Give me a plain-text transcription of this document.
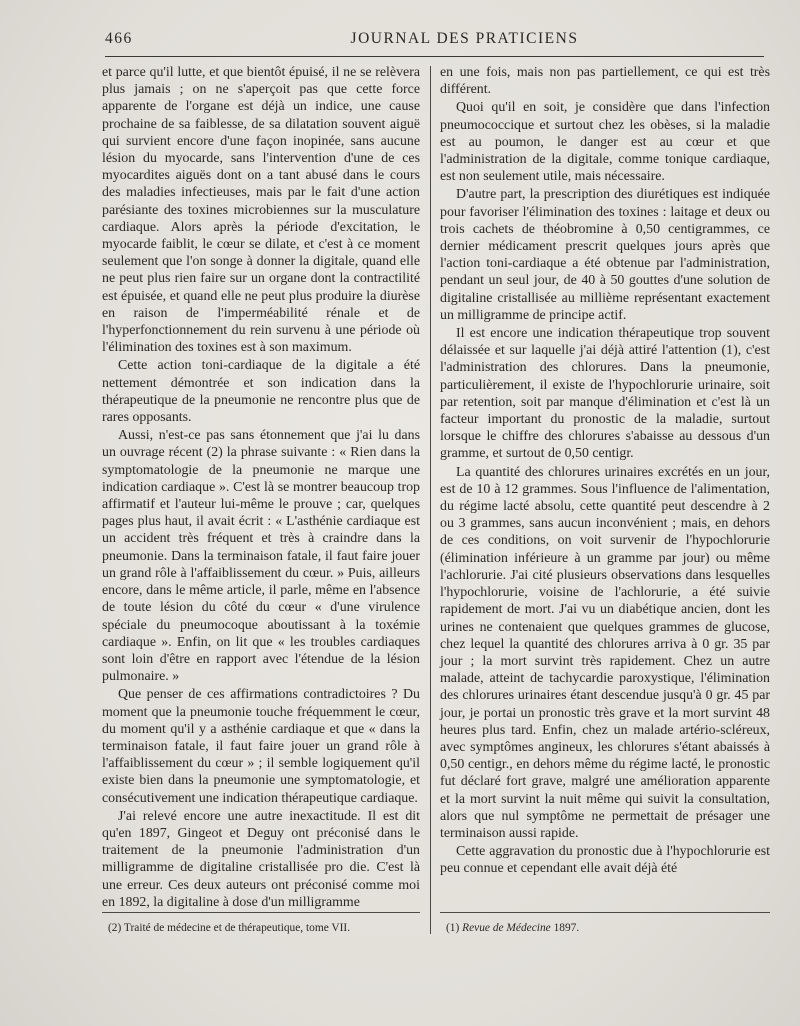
466	JOURNAL DES PRATICIENS

et parce qu'il lutte, et que bientôt épuisé, il ne se relèvera plus jamais ; on ne s'aperçoit pas que cette force apparente de l'organe est déjà un indice, une cause prochaine de sa faiblesse, de sa dilatation souvent aiguë qui survient encore d'une façon inopinée, sans aucune lésion du myocarde, sans l'intervention d'une de ces myocardites aiguës dont on a tant abusé dans le cours des maladies infectieuses, mais par le fait d'une action parésiante des toxines microbiennes sur la musculature cardiaque. Alors après la période d'excitation, le myocarde faiblit, le cœur se dilate, et c'est à ce moment seulement que l'on songe à donner la digitale, quand elle ne peut plus rien faire sur un organe dont la contractilité est épuisée, et quand elle ne peut plus produire la diurèse en raison de l'imperméabilité rénale et de l'hyperfonctionnement du rein survenu à une période où l'élimination des toxines est à son maximum.

Cette action toni-cardiaque de la digitale a été nettement démontrée et son indication dans la thérapeutique de la pneumonie ne rencontre plus que de rares opposants.

Aussi, n'est-ce pas sans étonnement que j'ai lu dans un ouvrage récent (2) la phrase suivante : « Rien dans la symptomatologie de la pneumonie ne marque une indication cardiaque ». C'est là se montrer beaucoup trop affirmatif et l'auteur lui-même le prouve ; car, quelques pages plus haut, il avait écrit : « L'asthénie cardiaque est un accident très fréquent et très à craindre dans la pneumonie. Dans la terminaison fatale, il faut faire jouer un grand rôle à l'affaiblissement du cœur. » Puis, ailleurs encore, dans le même article, il parle, même en l'absence de toute lésion du côté du cœur « d'une virulence spéciale du pneumocoque aboutissant à la toxémie cardiaque ». Enfin, on lit que « les troubles cardiaques sont loin d'être en rapport avec l'étendue de la lésion pulmonaire. »

Que penser de ces affirmations contradictoires ? Du moment que la pneumonie touche fréquemment le cœur, du moment qu'il y a asthénie cardiaque et que « dans la terminaison fatale, il faut faire jouer un grand rôle à l'affaiblissement du cœur » ; il semble logiquement qu'il existe bien dans la pneumonie une symptomatologie, et consécutivement une indication thérapeutique cardiaque.

J'ai relevé encore une autre inexactitude. Il est dit qu'en 1897, Gingeot et Deguy ont préconisé dans le traitement de la pneumonie l'administration d'un milligramme de digitaline cristallisée pro die. C'est là une erreur. Ces deux auteurs ont préconisé comme moi en 1892, la digitaline à dose d'un milligramme

en une fois, mais non pas partiellement, ce qui est très différent.

Quoi qu'il en soit, je considère que dans l'infection pneumococcique et surtout chez les obèses, si la maladie est au poumon, le danger est au cœur et que l'administration de la digitale, comme tonique cardiaque, est non seulement utile, mais nécessaire.

D'autre part, la prescription des diurétiques est indiquée pour favoriser l'élimination des toxines : laitage et deux ou trois cachets de théobromine à 0,50 centigrammes, ce dernier médicament prescrit quelques jours après que l'action toni-cardiaque a été obtenue par l'administration, pendant un seul jour, de 40 à 50 gouttes d'une solution de digitaline cristallisée au millième représentant exactement un milligramme de principe actif.

Il est encore une indication thérapeutique trop souvent délaissée et sur laquelle j'ai déjà attiré l'attention (1), c'est l'administration des chlorures. Dans la pneumonie, particulièrement, il existe de l'hypochlorurie urinaire, soit par retention, soit par manque d'élimination et c'est là un facteur important du pronostic de la maladie, surtout lorsque le chiffre des chlorures s'abaisse au dessous d'un gramme, et surtout de 0,50 centigr.

La quantité des chlorures urinaires excrétés en un jour, est de 10 à 12 grammes. Sous l'influence de l'alimentation, du régime lacté absolu, cette quantité peut descendre à 2 ou 3 grammes, sans aucun inconvénient ; mais, en dehors de ces conditions, on voit survenir de l'hypochlorurie (élimination inférieure à un gramme par jour) ou même l'achlorurie. J'ai cité plusieurs observations dans lesquelles l'hypochlorurie, voisine de l'achlorurie, a été suivie rapidement de mort. J'ai vu un diabétique ancien, dont les urines ne contenaient que quelques grammes de glucose, chez lequel la quantité des chlorures arriva à 0 gr. 35 par jour ; la mort survint très rapidement. Chez un autre malade, atteint de tachycardie paroxystique, l'élimination des chlorures urinaires étant descendue jusqu'à 0 gr. 45 par jour, je portai un pronostic très grave et la mort survint 48 heures plus tard. Enfin, chez un malade artério-scléreux, avec symptômes angineux, les chlorures s'étant abaissés à 0,50 centigr., en dehors même du régime lacté, le pronostic fut déclaré fort grave, malgré une amélioration apparente et la mort survint la nuit même qui suivit la consultation, alors que nul symptôme ne permettait de présager une terminaison aussi rapide.

Cette aggravation du pronostic due à l'hypochlorurie est peu connue et cependant elle avait déjà été

(2) Traité de médecine et de thérapeutique, tome VII.	(1) Revue de Médecine 1897.
